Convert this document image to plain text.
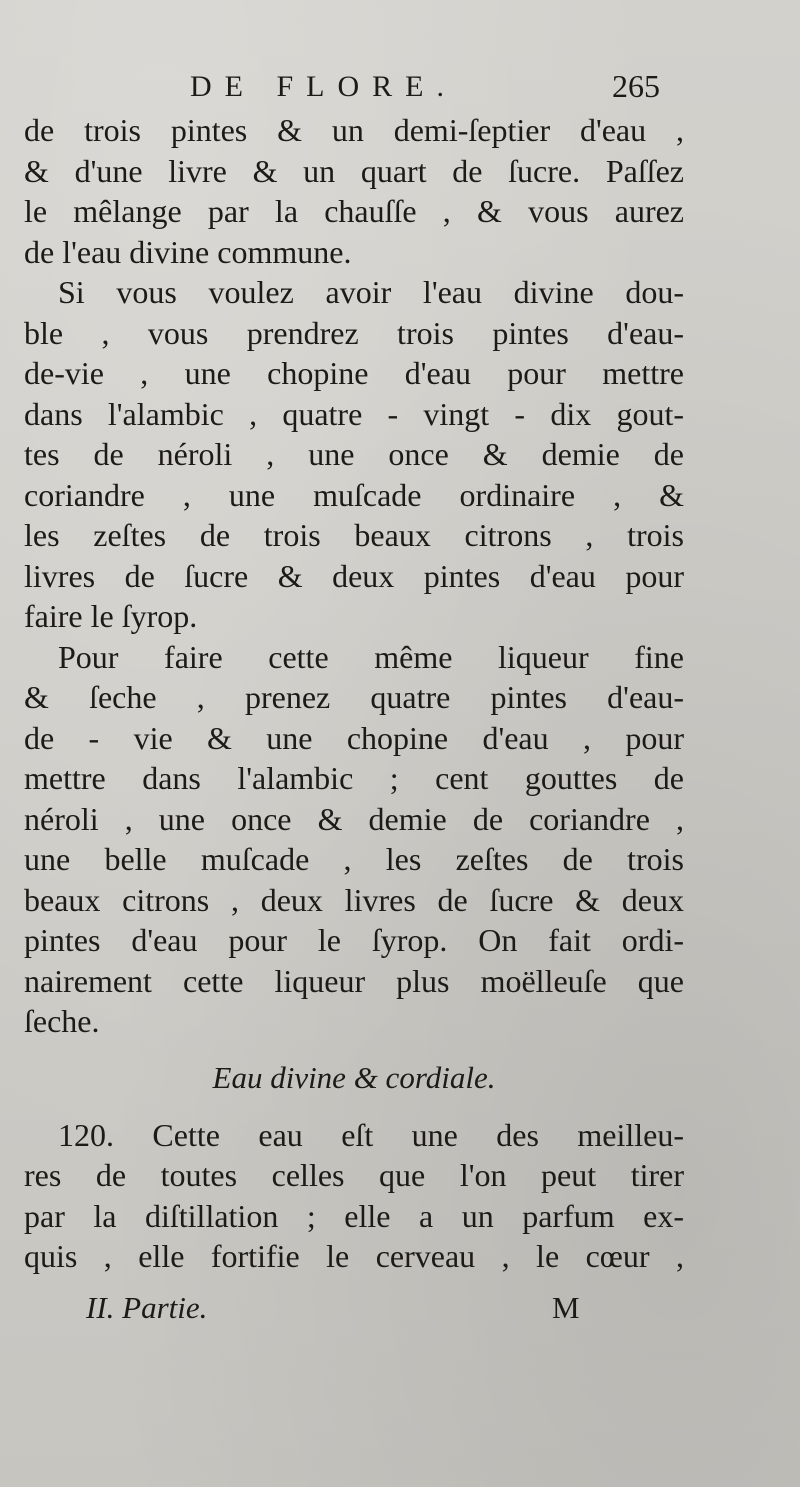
DE FLORE.	265
de trois pintes & un demi-ſeptier d'eau ,
& d'une livre & un quart de ſucre. Paſſez
le mêlange par la chauſſe , & vous aurez
de l'eau divine commune.
Si vous voulez avoir l'eau divine dou-
ble , vous prendrez trois pintes d'eau-
de-vie , une chopine d'eau pour mettre
dans l'alambic , quatre - vingt - dix gout-
tes de néroli , une once & demie de
coriandre , une muſcade ordinaire , &
les zeſtes de trois beaux citrons , trois
livres de ſucre & deux pintes d'eau pour
faire le ſyrop.
Pour faire cette même liqueur fine
& ſeche , prenez quatre pintes d'eau-
de - vie & une chopine d'eau , pour
mettre dans l'alambic ; cent gouttes de
néroli , une once & demie de coriandre ,
une belle muſcade , les zeſtes de trois
beaux citrons , deux livres de ſucre & deux
pintes d'eau pour le ſyrop. On fait ordi-
nairement cette liqueur plus moëlleuſe que
ſeche.
Eau divine & cordiale.
120. Cette eau eſt une des meilleu-
res de toutes celles que l'on peut tirer
par la diſtillation ; elle a un parfum ex-
quis , elle fortifie le cerveau , le cœur ,
II. Partie.	M
